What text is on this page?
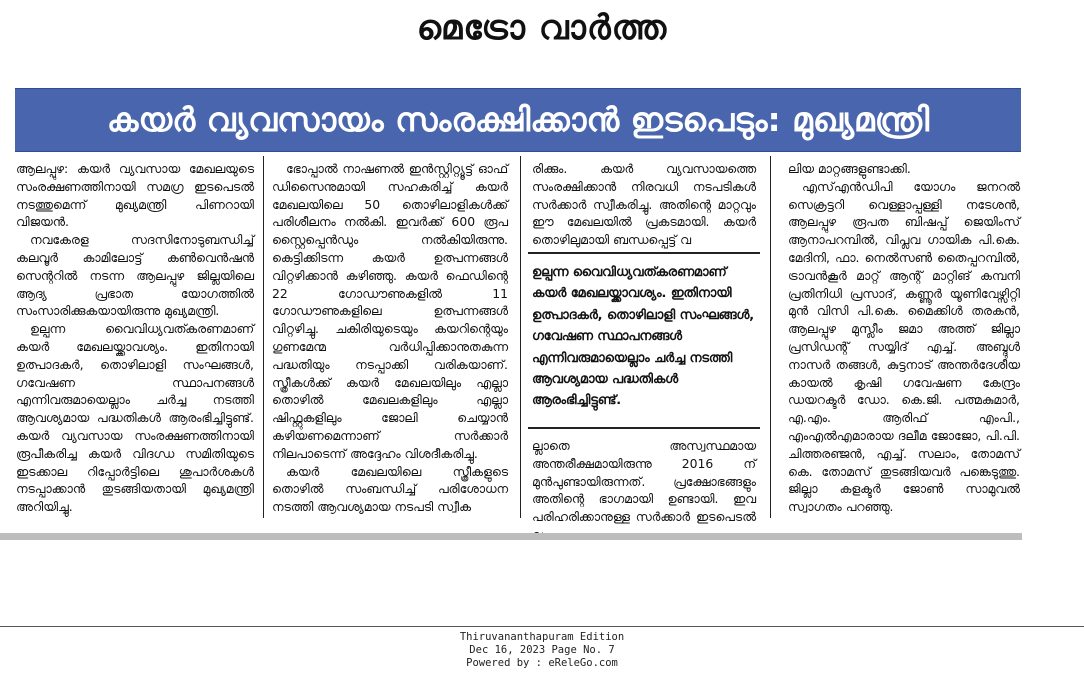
മെട്രോ വാർത്ത
കയർ വ്യവസായം സംരക്ഷിക്കാൻ ഇടപെടും: മുഖ്യമന്ത്രി

ആലപ്പുഴ: കയർ വ്യവസായ മേഖലയുടെ സംരക്ഷണത്തിനായി സമഗ്ര ഇടപെടൽ നടത്തുമെന്ന് മുഖ്യമന്ത്രി പിണറായി വിജയൻ.

നവകേരള സദസിനോടുബന്ധിച്ച് കലവൂർ കാമിലോട്ട് കൺവെൻഷൻ സെന്ററിൽ നടന്ന ആലപ്പുഴ ജില്ലയിലെ ആദ്യ പ്രഭാത യോഗത്തിൽ സംസാരിക്കുകയായിരുന്നു മുഖ്യമന്ത്രി.

ഉല്പന്ന വൈവിധ്യവത്കരണമാണ് കയർ മേഖലയ്ക്കാവശ്യം. ഇതിനായി ഉത്പാദകർ, തൊഴിലാളി സംഘങ്ങൾ, ഗവേഷണ സ്ഥാപനങ്ങൾ എന്നിവരുമായെല്ലാം ചർച്ച നടത്തി ആവശ്യമായ പദ്ധതികൾ ആരംഭിച്ചിട്ടുണ്ട്. കയർ വ്യവസായ സംരക്ഷണത്തിനായി രൂപീകരിച്ച കയർ വിദഗ്ധ സമിതിയുടെ ഇടക്കാല റിപ്പോർട്ടിലെ ശുപാർശകൾ നടപ്പാക്കാൻ തുടങ്ങിയതായി മുഖ്യമന്ത്രി അറിയിച്ചു.

ഭോപ്പാൽ നാഷണൽ ഇൻസ്റ്റിറ്റ്യൂട്ട് ഓഫ് ഡിസൈനുമായി സഹകരിച്ച് കയർ മേഖലയിലെ 50 തൊഴിലാളികൾക്ക് പരിശീലനം നൽകി. ഇവർക്ക് 600 രൂപ സ്റ്റൈപ്പെൻഡും നൽകിയിരുന്നു. കെട്ടിക്കിടന്ന കയർ ഉത്പന്നങ്ങൾ വിറ്റഴിക്കാൻ കഴിഞ്ഞു. കയർ ഫെഡിന്റെ 22 ഗോഡൗണുകളിൽ 11 ഗോഡൗണുകളിലെ ഉത്പന്നങ്ങൾ വിറ്റഴിച്ചു. ചകിരിയുടെയും കയറിന്റെയും ഗുണമേന്മ വർധിപ്പിക്കാനുതകുന്ന പദ്ധതിയും നടപ്പാക്കി വരികയാണ്. സ്ത്രീകൾക്ക് കയർ മേഖലയിലും എല്ലാ തൊഴിൽ മേഖലകളിലും എല്ലാ ഷിഫ്റ്റുകളിലും ജോലി ചെയ്യാൻ കഴിയണമെന്നാണ് സർക്കാർ നിലപാടെന്ന് അദ്ദേഹം വിശദീകരിച്ചു.

കയർ മേഖലയിലെ സ്ത്രീകളുടെ തൊഴിൽ സംബന്ധിച്ച് പരിശോധന നടത്തി ആവശ്യമായ നടപടി സ്വീക

രിക്കും. കയർ വ്യവസായത്തെ സംരക്ഷിക്കാൻ നിരവധി നടപടികൾ സർക്കാർ സ്വീകരിച്ചു. അതിന്റെ മാറ്റവും ഈ മേഖലയിൽ പ്രകടമായി. കയർ തൊഴിലുമായി ബന്ധപ്പെട്ട് വ

ഉല്പന്ന വൈവിധ്യവത്കരണമാണ് കയർ മേഖലയ്ക്കാവശ്യം. ഇതിനായി ഉത്പാദകർ, തൊഴിലാളി സംഘങ്ങൾ, ഗവേഷണ സ്ഥാപനങ്ങൾ എന്നിവരുമായെല്ലാം ചർച്ച നടത്തി ആവശ്യമായ പദ്ധതികൾ ആരംഭിച്ചിട്ടുണ്ട്.

ല്ലാതെ അസ്വസ്ഥമായ അന്തരീക്ഷമായിരുന്നു 2016 ന് മുൻപുണ്ടായിരുന്നത്. പ്രക്ഷോഭങ്ങളും അതിന്റെ ഭാഗമായി ഉണ്ടായി. ഇവ പരിഹരിക്കാനുള്ള സർക്കാർ ഇടപെടൽ

ലിയ മാറ്റങ്ങളുണ്ടാക്കി.

എസ്എൻഡിപി യോഗം ജനറൽ സെക്രട്ടറി വെള്ളാപ്പള്ളി നടേശൻ, ആലപ്പുഴ രൂപത ബിഷപ്പ് ജെയിംസ് ആനാപറമ്പിൽ, വിപ്ലവ ഗായിക പി.കെ. മേദിനി, ഫാ. നെൽസൺ തൈപ്പറമ്പിൽ, ട്രാവൻകൂർ മാറ്റ് ആന്റ് മാറ്റിങ് കമ്പനി പ്രതിനിധി പ്രസാദ്, കണ്ണൂർ യൂണിവേഴ്സിറ്റി മുൻ വിസി പി.കെ. മൈക്കിൾ തരകൻ, ആലപ്പുഴ മുസ്ലീം ജമാ അത്ത് ജില്ലാ പ്രസിഡന്റ് സയ്യിദ് എച്ച്. അബ്ദുൾ നാസർ തങ്ങൾ, കുട്ടനാട് അന്തർദേശീയ കായൽ കൃഷി ഗവേഷണ കേന്ദ്രം ഡയറക്ടർ ഡോ. കെ.ജി. പത്മകുമാർ, എ.എം. ആരിഫ് എംപി., എംഎൽഎമാരായ ദലീമ ജോജോ, പി.പി. ചിത്തരഞ്ജൻ, എച്ച്. സലാം, തോമസ് കെ. തോമസ് തുടങ്ങിയവർ പങ്കെടുത്തു. ജില്ലാ കളക്ടർ ജോൺ സാമുവൽ സ്വാഗതം പറഞ്ഞു.

Thiruvananthapuram Edition
Dec 16, 2023 Page No. 7
Powered by : eReleGo.com
